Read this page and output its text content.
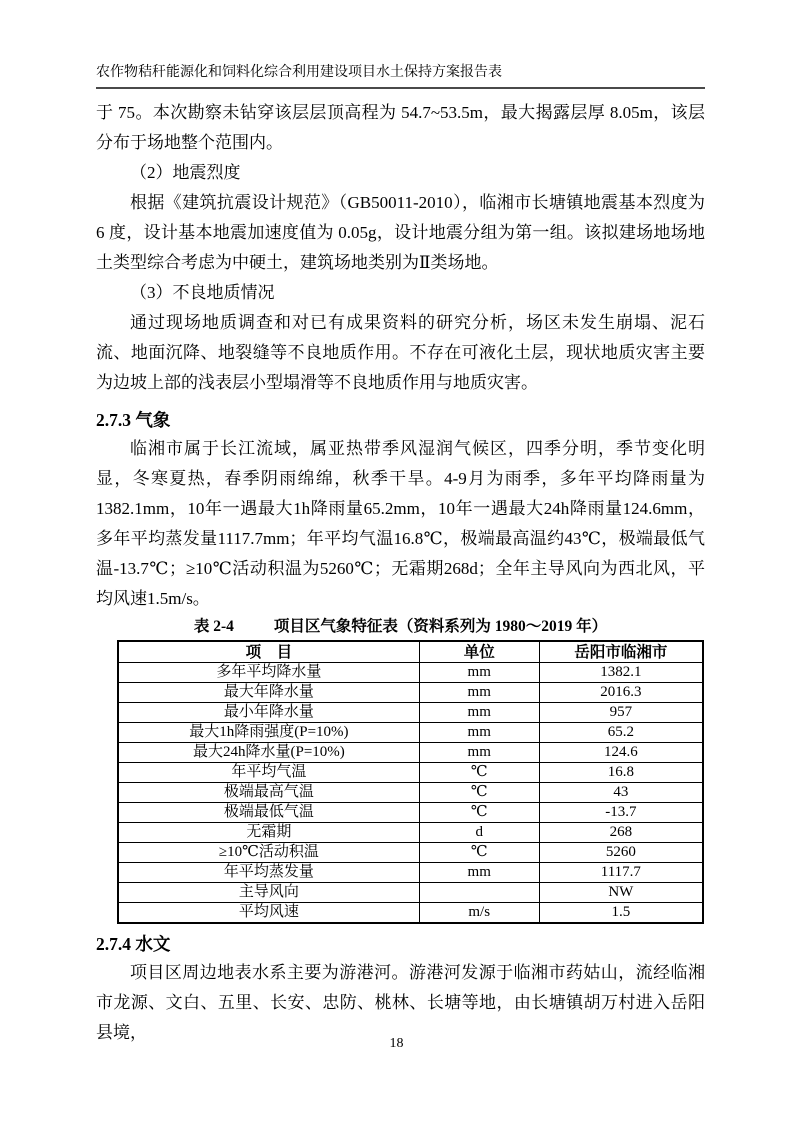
农作物秸秆能源化和饲料化综合利用建设项目水土保持方案报告表

于 75。本次勘察未钻穿该层层顶高程为 54.7~53.5m，最大揭露层厚 8.05m，该层分布于场地整个范围内。

（2）地震烈度

根据《建筑抗震设计规范》（GB50011-2010），临湘市长塘镇地震基本烈度为 6 度，设计基本地震加速度值为 0.05g，设计地震分组为第一组。该拟建场地场地土类型综合考虑为中硬土，建筑场地类别为Ⅱ类场地。

（3）不良地质情况

通过现场地质调查和对已有成果资料的研究分析，场区未发生崩塌、泥石流、地面沉降、地裂缝等不良地质作用。不存在可液化土层，现状地质灾害主要为边坡上部的浅表层小型塌滑等不良地质作用与地质灾害。

2.7.3 气象

临湘市属于长江流域，属亚热带季风湿润气候区，四季分明，季节变化明显，冬寒夏热，春季阴雨绵绵，秋季干旱。4-9月为雨季，多年平均降雨量为1382.1mm，10年一遇最大1h降雨量65.2mm，10年一遇最大24h降雨量124.6mm，多年平均蒸发量1117.7mm；年平均气温16.8℃，极端最高温约43℃，极端最低气温-13.7℃；≥10℃活动积温为5260℃；无霜期268d；全年主导风向为西北风，平均风速1.5m/s。

表 2-4	项目区气象特征表（资料系列为 1980～2019 年）
项　目	单位	岳阳市临湘市
多年平均降水量	mm	1382.1
最大年降水量	mm	2016.3
最小年降水量	mm	957
最大1h降雨强度(P=10%)	mm	65.2
最大24h降水量(P=10%)	mm	124.6
年平均气温	℃	16.8
极端最高气温	℃	43
极端最低气温	℃	-13.7
无霜期	d	268
≥10℃活动积温	℃	5260
年平均蒸发量	mm	1117.7
主导风向		NW
平均风速	m/s	1.5
2.7.4 水文

项目区周边地表水系主要为游港河。游港河发源于临湘市药姑山，流经临湘市龙源、文白、五里、长安、忠防、桃林、长塘等地，由长塘镇胡万村进入岳阳县境，

18
